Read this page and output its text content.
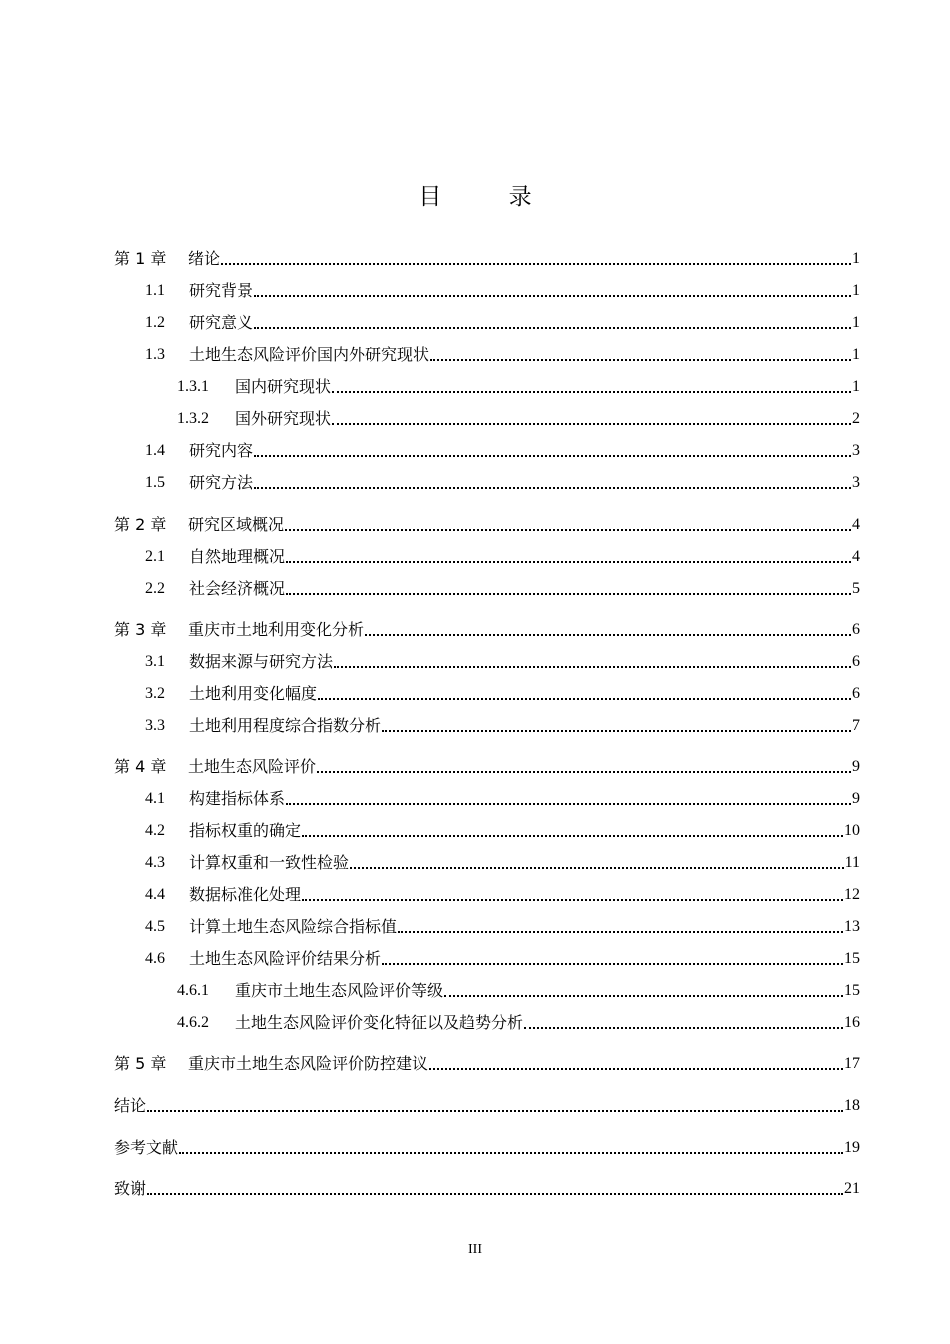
目	录
第 1 章	绪论	1
1.1	研究背景	1
1.2	研究意义	1
1.3	土地生态风险评价国内外研究现状	1
1.3.1	国内研究现状	1
1.3.2	国外研究现状	2
1.4	研究内容	3
1.5	研究方法	3
第 2 章	研究区域概况	4
2.1	自然地理概况	4
2.2	社会经济概况	5
第 3 章	重庆市土地利用变化分析	6
3.1	数据来源与研究方法	6
3.2	土地利用变化幅度	6
3.3	土地利用程度综合指数分析	7
第 4 章	土地生态风险评价	9
4.1	构建指标体系	9
4.2	指标权重的确定	10
4.3	计算权重和一致性检验	11
4.4	数据标准化处理	12
4.5	计算土地生态风险综合指标值	13
4.6	土地生态风险评价结果分析	15
4.6.1	重庆市土地生态风险评价等级	15
4.6.2	土地生态风险评价变化特征以及趋势分析	16
第 5 章	重庆市土地生态风险评价防控建议	17
结论	18
参考文献	19
致谢	21
III
